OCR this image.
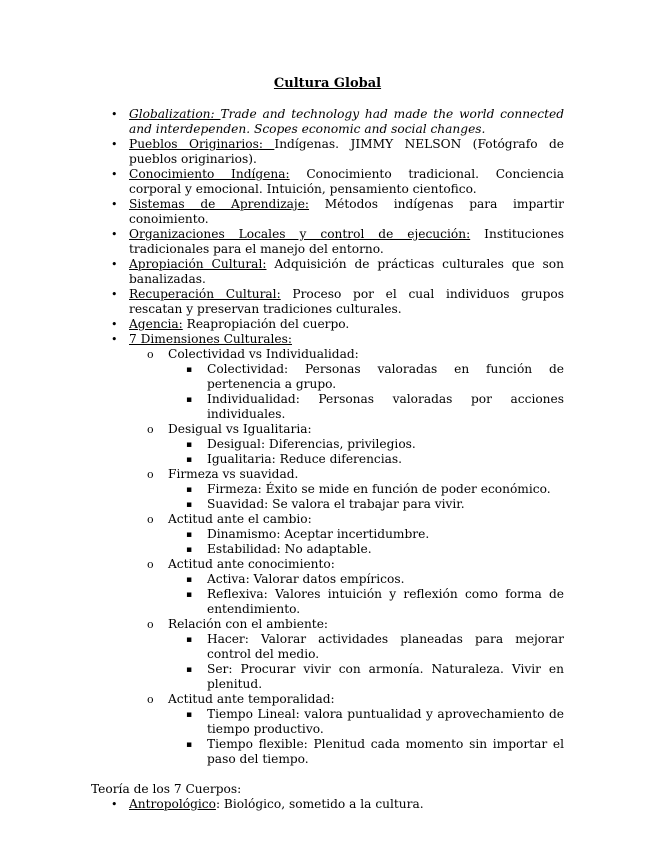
Cultura Global
• Globalization: Trade and technology had made the world connected and interdependen. Scopes economic and social changes.
• Pueblos Originarios: Indígenas. JIMMY NELSON (Fotógrafo de pueblos originarios).
• Conocimiento Indígena: Conocimiento tradicional. Conciencia corporal y emocional. Intuición, pensamiento cientofico.
• Sistemas de Aprendizaje: Métodos indígenas para impartir conoimiento.
• Organizaciones Locales y control de ejecución: Instituciones tradicionales para el manejo del entorno.
• Apropiación Cultural: Adquisición de prácticas culturales que son banalizadas.
• Recuperación Cultural: Proceso por el cual individuos grupos rescatan y preservan tradiciones culturales.
• Agencia: Reapropiación del cuerpo.
• 7 Dimensiones Culturales:
o Colectividad vs Individualidad:
▪ Colectividad: Personas valoradas en función de pertenencia a grupo.
▪ Individualidad: Personas valoradas por acciones individuales.
o Desigual vs Igualitaria:
▪ Desigual: Diferencias, privilegios.
▪ Igualitaria: Reduce diferencias.
o Firmeza vs suavidad.
▪ Firmeza: Éxito se mide en función de poder económico.
▪ Suavidad: Se valora el trabajar para vivir.
o Actitud ante el cambio:
▪ Dinamismo: Aceptar incertidumbre.
▪ Estabilidad: No adaptable.
o Actitud ante conocimiento:
▪ Activa: Valorar datos empíricos.
▪ Reflexiva: Valores intuición y reflexión como forma de entendimiento.
o Relación con el ambiente:
▪ Hacer: Valorar actividades planeadas para mejorar control del medio.
▪ Ser: Procurar vivir con armonía. Naturaleza. Vivir en plenitud.
o Actitud ante temporalidad:
▪ Tiempo Lineal: valora puntualidad y aprovechamiento de tiempo productivo.
▪ Tiempo flexible: Plenitud cada momento sin importar el paso del tiempo.
Teoría de los 7 Cuerpos:
• Antropológico: Biológico, sometido a la cultura.
